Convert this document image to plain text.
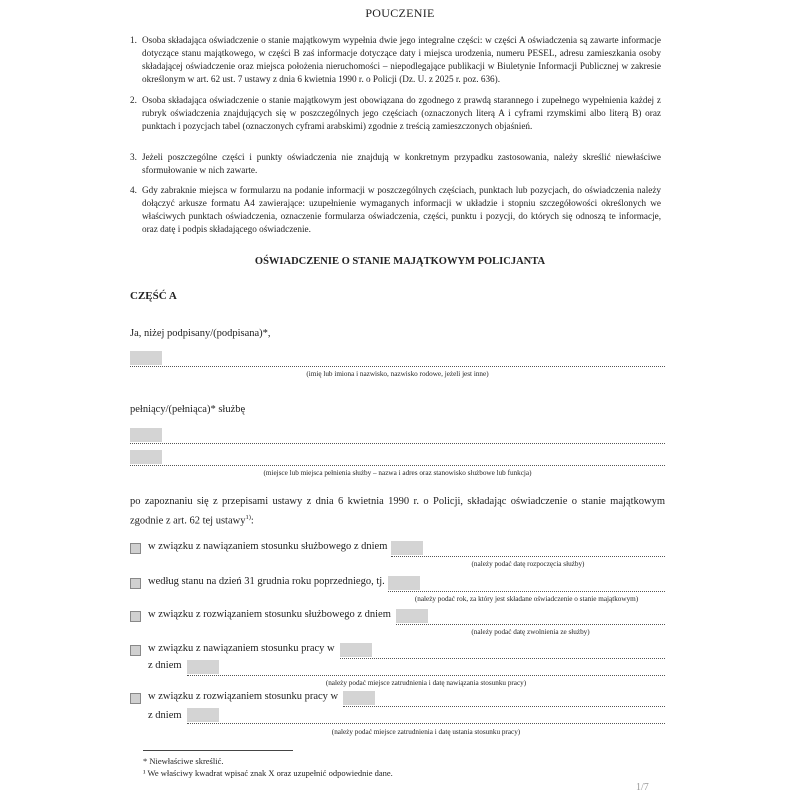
POUCZENIE
1. Osoba składająca oświadczenie o stanie majątkowym wypełnia dwie jego integralne części: w części A oświadczenia są zawarte informacje dotyczące stanu majątkowego, w części B zaś informacje dotyczące daty i miejsca urodzenia, numeru PESEL, adresu zamieszkania osoby składającej oświadczenie oraz miejsca położenia nieruchomości – niepodlegające publikacji w Biuletynie Informacji Publicznej w zakresie określonym w art. 62 ust. 7 ustawy z dnia 6 kwietnia 1990 r. o Policji (Dz. U. z 2025 r. poz. 636).
2. Osoba składająca oświadczenie o stanie majątkowym jest obowiązana do zgodnego z prawdą starannego i zupełnego wypełnienia każdej z rubryk oświadczenia znajdujących się w poszczególnych jego częściach (oznaczonych literą A i cyframi rzymskimi albo literą B) oraz punktach i pozycjach tabel (oznaczonych cyframi arabskimi) zgodnie z treścią zamieszczonych objaśnień.
3. Jeżeli poszczególne części i punkty oświadczenia nie znajdują w konkretnym przypadku zastosowania, należy skreślić niewłaściwe sformułowanie w nich zawarte.
4. Gdy zabraknie miejsca w formularzu na podanie informacji w poszczególnych częściach, punktach lub pozycjach, do oświadczenia należy dołączyć arkusze formatu A4 zawierające: uzupełnienie wymaganych informacji w układzie i stopniu szczegółowości określonych we właściwych punktach oświadczenia, oznaczenie formularza oświadczenia, części, punktu i pozycji, do których się odnoszą te informacje, oraz datę i podpis składającego oświadczenie.
OŚWIADCZENIE O STANIE MAJĄTKOWYM POLICJANTA
CZĘŚĆ A
Ja, niżej podpisany/(podpisana)*,
(imię lub imiona i nazwisko, nazwisko rodowe, jeżeli jest inne)
pełniący/(pełniąca)* służbę
(miejsce lub miejsca pełnienia służby – nazwa i adres oraz stanowisko służbowe lub funkcja)
po zapoznaniu się z przepisami ustawy z dnia 6 kwietnia 1990 r. o Policji, składając oświadczenie o stanie majątkowym zgodnie z art. 62 tej ustawy$^{1)}$:
w związku z nawiązaniem stosunku służbowego z dniem
(należy podać datę rozpoczęcia służby)
według stanu na dzień 31 grudnia roku poprzedniego, tj.
(należy podać rok, za który jest składane oświadczenie o stanie majątkowym)
w związku z rozwiązaniem stosunku służbowego z dniem
(należy podać datę zwolnienia ze służby)
w związku z nawiązaniem stosunku pracy w
z dniem
(należy podać miejsce zatrudnienia i datę nawiązania stosunku pracy)
w związku z rozwiązaniem stosunku pracy w
z dniem
(należy podać miejsce zatrudnienia i datę ustania stosunku pracy)
* Niewłaściwe skreślić.
¹ We właściwy kwadrat wpisać znak X oraz uzupełnić odpowiednie dane.
1/7
